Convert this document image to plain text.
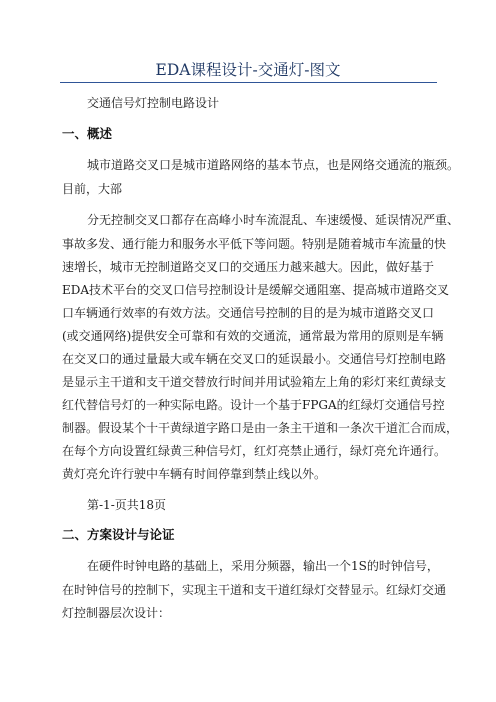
EDA课程设计-交通灯-图文
交通信号灯控制电路设计
一、概述
城市道路交叉口是城市道路网络的基本节点，也是网络交通流的瓶颈。
目前，大部
分无控制交叉口都存在高峰小时车流混乱、车速缓慢、延误情况严重、
事故多发、通行能力和服务水平低下等问题。特别是随着城市车流量的快
速增长，城市无控制道路交叉口的交通压力越来越大。因此，做好基于
EDA技术平台的交叉口信号控制设计是缓解交通阻塞、提高城市道路交叉
口车辆通行效率的有效方法。交通信号控制的目的是为城市道路交叉口
(或交通网络)提供安全可靠和有效的交通流，通常最为常用的原则是车辆
在交叉口的通过量最大或车辆在交叉口的延误最小。交通信号灯控制电路
是显示主干道和支干道交替放行时间并用试验箱左上角的彩灯来红黄绿支
红代替信号灯的一种实际电路。设计一个基于FPGA的红绿灯交通信号控
制器。假设某个十干黄绿道字路口是由一条主干道和一条次干道汇合而成，
在每个方向设置红绿黄三种信号灯，红灯亮禁止通行，绿灯亮允许通行。
黄灯亮允许行驶中车辆有时间停靠到禁止线以外。
第-1-页共18页
二、方案设计与论证
在硬件时钟电路的基础上，采用分频器，输出一个1S的时钟信号，
在时钟信号的控制下，实现主干道和支干道红绿灯交替显示。红绿灯交通
灯控制器层次设计：
